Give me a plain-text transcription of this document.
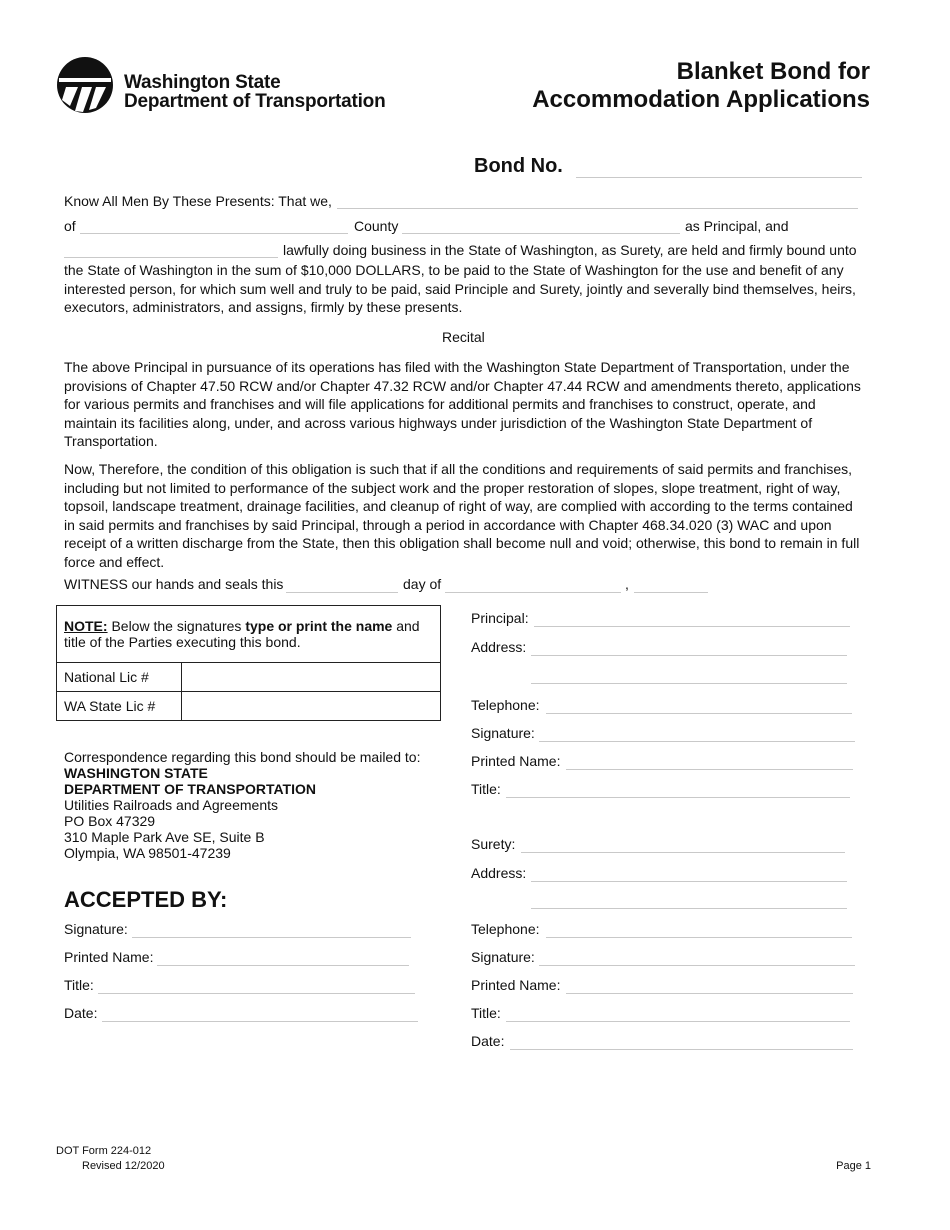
Washington State
Department of Transportation
Blanket Bond for
Accommodation Applications
Bond No.
Know All Men By These Presents: That we,
of	County	as Principal, and
lawfully doing business in the State of Washington, as Surety, are held and firmly bound unto
the State of Washington in the sum of $10,000 DOLLARS, to be paid to the State of Washington for the use and benefit of any interested person, for which sum well and truly to be paid, said Principle and Surety, jointly and severally bind themselves, heirs, executors, administrators, and assigns, firmly by these presents.
Recital
The above Principal in pursuance of its operations has filed with the Washington State Department of Transportation, under the provisions of Chapter 47.50 RCW and/or Chapter 47.32 RCW and/or Chapter 47.44 RCW and amendments thereto, applications for various permits and franchises and will file applications for additional permits and franchises to construct, operate, and maintain its facilities along, under, and across various highways under jurisdiction of the Washington State Department of Transportation.
Now, Therefore, the condition of this obligation is such that if all the conditions and requirements of said permits and franchises, including but not limited to performance of the subject work and the proper restoration of slopes, slope treatment, right of way, topsoil, landscape treatment, drainage facilities, and cleanup of right of way, are complied with according to the terms contained in said permits and franchises by said Principal, through a period in accordance with Chapter 468.34.020 (3) WAC and upon receipt of a written discharge from the State, then this obligation shall become null and void; otherwise, this bond to remain in full force and effect.
WITNESS our hands and seals this	day of	,
NOTE: Below the signatures type or print the name and title of the Parties executing this bond.	
National Lic #	
WA State Lic #	
Correspondence regarding this bond should be mailed to:
WASHINGTON STATE
DEPARTMENT OF TRANSPORTATION
Utilities Railroads and Agreements
PO Box 47329
310 Maple Park Ave SE, Suite B
Olympia, WA 98501-47239
ACCEPTED BY:
Signature:
Printed Name:
Title:
Date:
Principal:
Address:
Telephone:
Signature:
Printed Name:
Title:
Surety:
Address:
Telephone:
Signature:
Printed Name:
Title:
Date:
DOT Form 224-012
Revised 12/2020	Page 1
